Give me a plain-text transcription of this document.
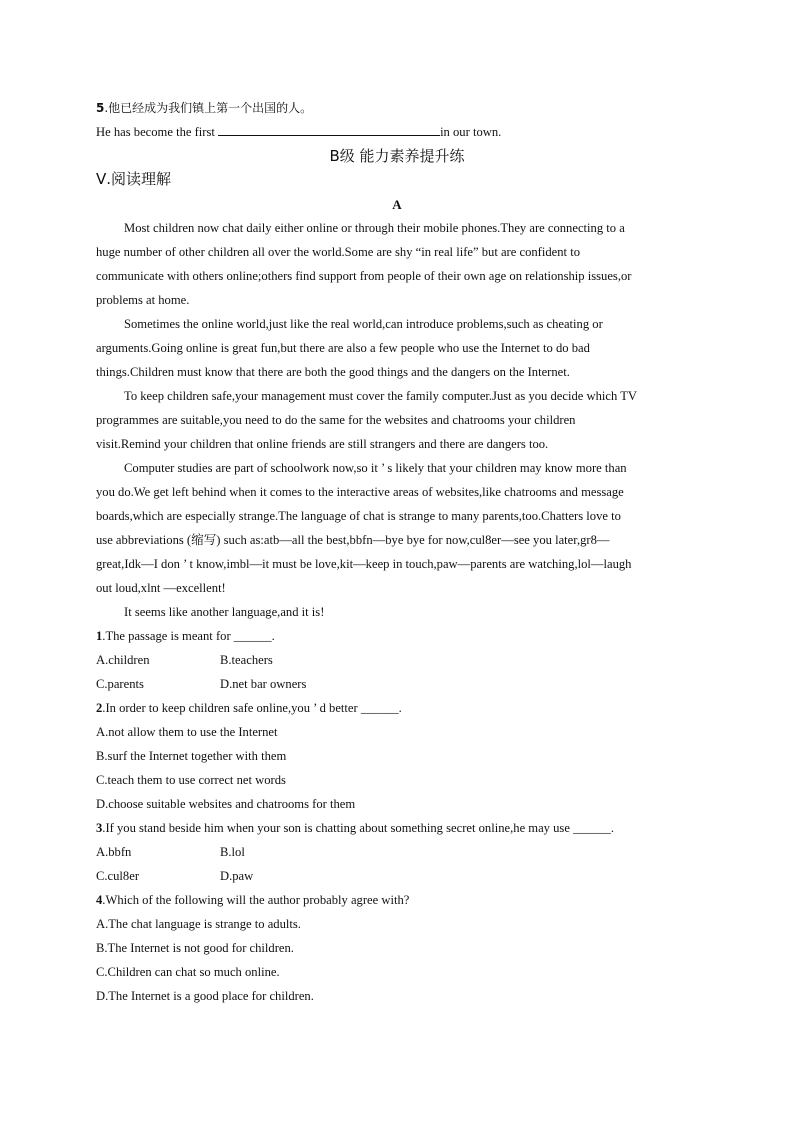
5.他已经成为我们镇上第一个出国的人。
He has become the first	in our town.
B级 能力素养提升练
Ⅴ.阅读理解
A
Most children now chat daily either online or through their mobile phones.They are connecting to a
huge number of other children all over the world.Some are shy “in real life” but are confident to
communicate with others online;others find support from people of their own age on relationship issues,or
problems at home.
Sometimes the online world,just like the real world,can introduce problems,such as cheating or
arguments.Going online is great fun,but there are also a few people who use the Internet to do bad
things.Children must know that there are both the good things and the dangers on the Internet.
To keep children safe,your management must cover the family computer.Just as you decide which TV
programmes are suitable,you need to do the same for the websites and chatrooms your children
visit.Remind your children that online friends are still strangers and there are dangers too.
Computer studies are part of schoolwork now,so it ’ s likely that your children may know more than
you do.We get left behind when it comes to the interactive areas of websites,like chatrooms and message
boards,which are especially strange.The language of chat is strange to many parents,too.Chatters love to
use abbreviations (缩写) such as:atb—all the best,bbfn—bye bye for now,cul8er—see you later,gr8—
great,Idk—I don ’ t know,imbl—it must be love,kit—keep in touch,paw—parents are watching,lol—laugh
out loud,xlnt —excellent!
It seems like another language,and it is!
1.The passage is meant for ______.
A.children	B.teachers
C.parents	D.net bar owners
2.In order to keep children safe online,you ’ d better ______.
A.not allow them to use the Internet
B.surf the Internet together with them
C.teach them to use correct net words
D.choose suitable websites and chatrooms for them
3.If you stand beside him when your son is chatting about something secret online,he may use ______.
A.bbfn	B.lol
C.cul8er	D.paw
4.Which of the following will the author probably agree with?
A.The chat language is strange to adults.
B.The Internet is not good for children.
C.Children can chat so much online.
D.The Internet is a good place for children.
